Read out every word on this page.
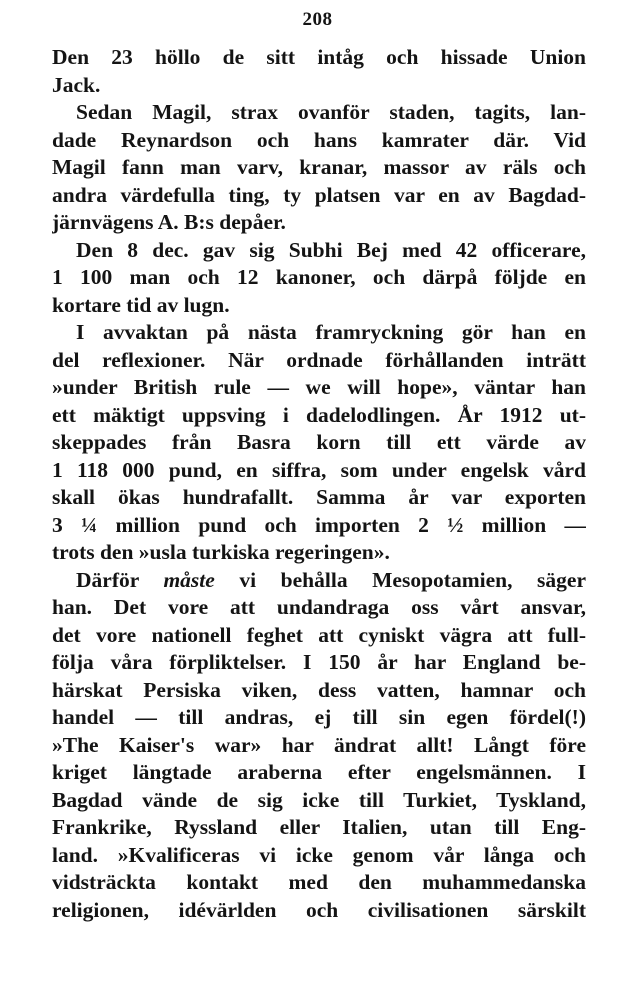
208
Den 23 höllo de sitt intåg och hissade Union
Jack.
Sedan Magil, strax ovanför staden, tagits, lan-
dade Reynardson och hans kamrater där. Vid
Magil fann man varv, kranar, massor av räls och
andra värdefulla ting, ty platsen var en av Bagdad-
järnvägens A. B:s depåer.
Den 8 dec. gav sig Subhi Bej med 42 officerare,
1 100 man och 12 kanoner, och därpå följde en
kortare tid av lugn.
I avvaktan på nästa framryckning gör han en
del reflexioner. När ordnade förhållanden inträtt
»under British rule — we will hope», väntar han
ett mäktigt uppsving i dadelodlingen. År 1912 ut-
skeppades från Basra korn till ett värde av
1 118 000 pund, en siffra, som under engelsk vård
skall ökas hundrafallt. Samma år var exporten
3 ¼ million pund och importen 2 ½ million —
trots den »usla turkiska regeringen».
Därför måste vi behålla Mesopotamien, säger
han. Det vore att undandraga oss vårt ansvar,
det vore nationell feghet att cyniskt vägra att full-
följa våra förpliktelser. I 150 år har England be-
härskat Persiska viken, dess vatten, hamnar och
handel — till andras, ej till sin egen fördel(!)
»The Kaiser's war» har ändrat allt! Långt före
kriget längtade araberna efter engelsmännen. I
Bagdad vände de sig icke till Turkiet, Tyskland,
Frankrike, Ryssland eller Italien, utan till Eng-
land. »Kvalificeras vi icke genom vår långa och
vidsträckta kontakt med den muhammedanska
religionen, idévärlden och civilisationen särskilt
